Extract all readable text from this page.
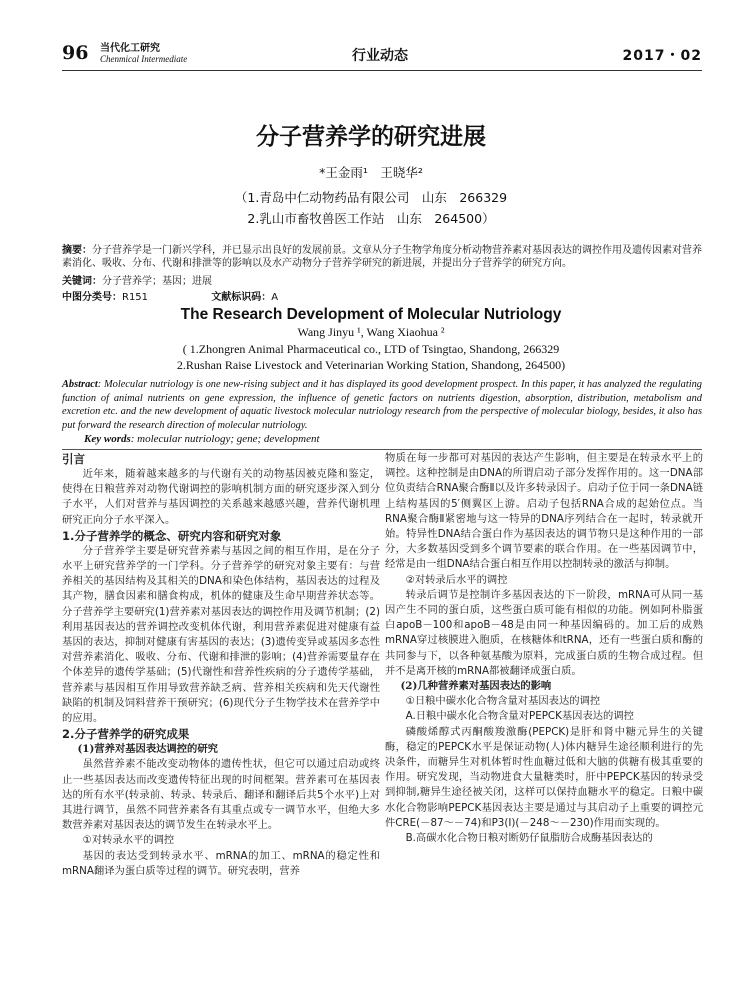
96 当代化工研究
Chenmical Intermediate	行业动态	2017・02
分子营养学的研究进展
*王金雨¹　王晓华²
（1.青岛中仁动物药品有限公司　山东　266329
2.乳山市畜牧兽医工作站　山东　264500）
摘要：分子营养学是一门新兴学科，并已显示出良好的发展前景。文章从分子生物学角度分析动物营养素对基因表达的调控作用及遗传因素对营养素消化、吸收、分布、代谢和排泄等的影响以及水产动物分子营养学研究的新进展，并提出分子营养学的研究方向。
关键词：分子营养学；基因；进展
中图分类号：R151	文献标识码：A
The Research Development of Molecular Nutriology
Wang Jinyu ¹, Wang Xiaohua ²
( 1.Zhongren Animal Pharmaceutical co., LTD of Tsingtao, Shandong, 266329
2.Rushan Raise Livestock and Veterinarian Working Station, Shandong, 264500)
Abstract: Molecular nutriology is one new-rising subject and it has displayed its good development prospect. In this paper, it has analyzed the regulating function of animal nutrients on gene expression, the influence of genetic factors on nutrients digestion, absorption, distribution, metabolism and excretion etc. and the new development of aquatic livestock molecular nutriology research from the perspective of molecular biology, besides, it also has put forward the research direction of molecular nutriology.
Key words: molecular nutriology; gene; development
引言

近年来，随着越来越多的与代谢有关的动物基因被克隆和鉴定，使得在日粮营养对动物代谢调控的影响机制方面的研究逐步深入到分子水平，人们对营养与基因调控的关系越来越感兴趣，营养代谢机理研究正向分子水平深入。

1.分子营养学的概念、研究内容和研究对象

分子营养学主要是研究营养素与基因之间的相互作用，是在分子水平上研究营养学的一门学科。分子营养学的研究对象主要有：与营养相关的基因结构及其相关的DNA和染色体结构，基因表达的过程及其产物，膳食因素和膳食构成，机体的健康及生命早期营养状态等。分子营养学主要研究(1)营养素对基因表达的调控作用及调节机制；(2)利用基因表达的营养调控改变机体代谢，利用营养素促进对健康有益基因的表达，抑制对健康有害基因的表达；(3)遗传变异或基因多态性对营养素消化、吸收、分布、代谢和排泄的影响；(4)营养需要量存在个体差异的遗传学基础；(5)代谢性和营养性疾病的分子遗传学基础，营养素与基因相互作用导致营养缺乏病、营养相关疾病和先天代谢性缺陷的机制及饲料营养干预研究；(6)现代分子生物学技术在营养学中的应用。

2.分子营养学的研究成果
(1)营养对基因表达调控的研究

虽然营养素不能改变动物体的遗传性状，但它可以通过启动或终止一些基因表达而改变遗传特征出现的时间框架。营养素可在基因表达的所有水平(转录前、转录、转录后、翻译和翻译后共5个水平)上对其进行调节，虽然不同营养素各有其重点或专一调节水平，但绝大多数营养素对基因表达的调节发生在转录水平上。

①对转录水平的调控

基因的表达受到转录水平、mRNA的加工、mRNA的稳定性和mRNA翻译为蛋白质等过程的调节。研究表明，营养

物质在每一步都可对基因的表达产生影响，但主要是在转录水平上的调控。这种控制是由DNA的所谓启动子部分发挥作用的。这一DNA部位负责结合RNA聚合酶Ⅱ以及许多转录因子。启动子位于同一条DNA链上结构基因的5′侧翼区上游。启动子包括RNA合成的起始位点。当RNA聚合酶Ⅱ紧密地与这一特异的DNA序列结合在一起时，转录就开始。特异性DNA结合蛋白作为基因表达的调节物只是这种作用的一部分，大多数基因受到多个调节要素的联合作用。在一些基因调节中，经常是由一组DNA结合蛋白相互作用以控制转录的激活与抑制。

②对转录后水平的调控

转录后调节是控制许多基因表达的下一阶段，mRNA可从同一基因产生不同的蛋白质，这些蛋白质可能有相似的功能。例如阿朴脂蛋白apoB－100和apoB－48是由同一种基因编码的。加工后的成熟mRNA穿过核膜进入胞质，在核糖体和tRNA，还有一些蛋白质和酶的共同参与下，以各种氨基酸为原料，完成蛋白质的生物合成过程。但并不是离开核的mRNA都被翻译成蛋白质。

(2)几种营养素对基因表达的影响
①日粮中碳水化合物含量对基因表达的调控
A.日粮中碳水化合物含量对PEPCK基因表达的调控

磷酸烯醇式丙酮酸羧激酶(PEPCK)是肝和肾中糖元异生的关键酶，稳定的PEPCK水平是保证动物(人)体内糖异生途径顺利进行的先决条件，而糖异生对机体暂时性血糖过低和大脑的供糖有极其重要的作用。研究发现，当动物进食大量糖类时，肝中PEPCK基因的转录受到抑制,糖异生途径被关闭，这样可以保持血糖水平的稳定。日粮中碳水化合物影响PEPCK基因表达主要是通过与其启动子上重要的调控元件CRE(－87～－74)和P3(Ⅰ)(－248～－230)作用而实现的。

B.高碳水化合物日粮对断奶仔鼠脂肪合成酶基因表达的
